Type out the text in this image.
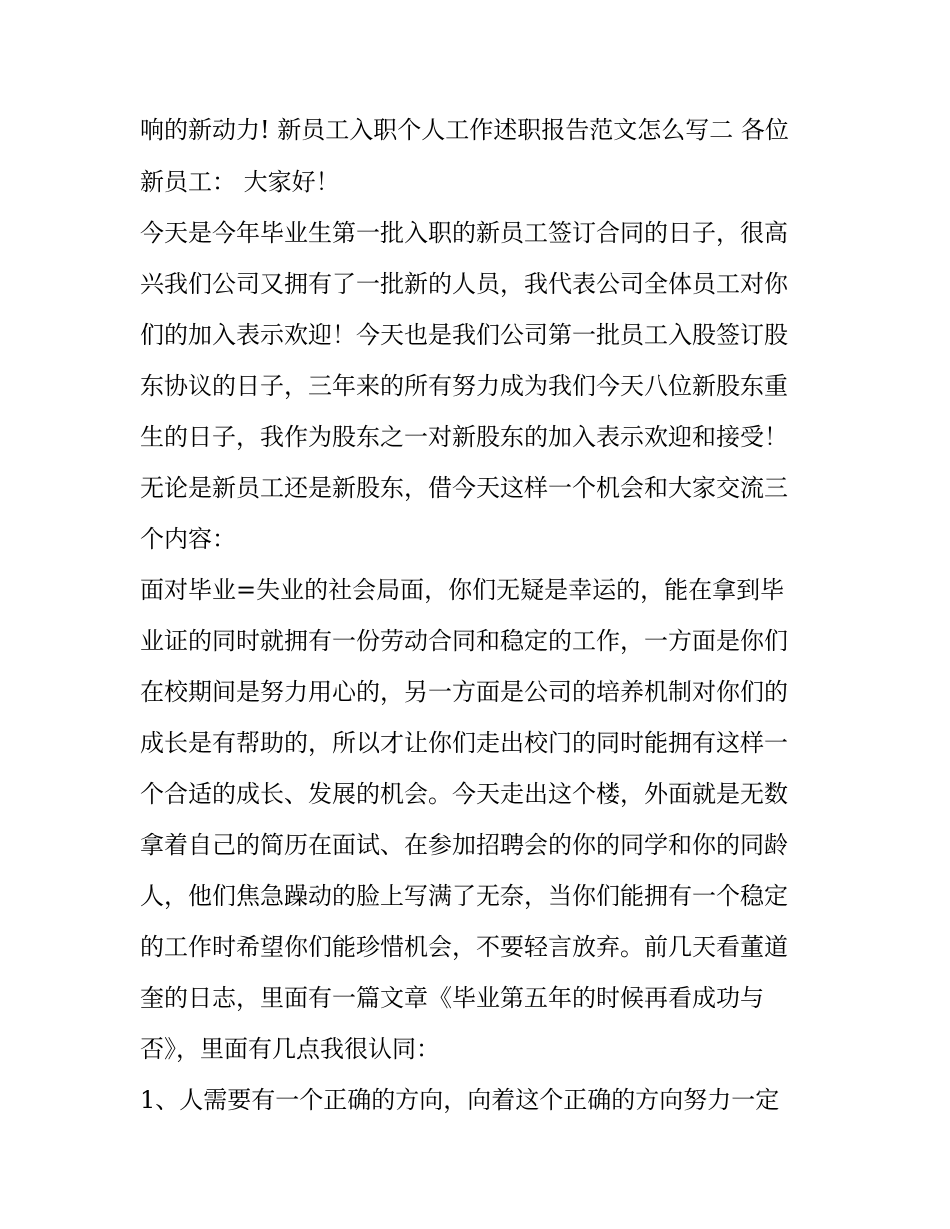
响的新动力! 新员工入职个人工作述职报告范文怎么写二 各位

新员工： 大家好！

今天是今年毕业生第一批入职的新员工签订合同的日子，很高

兴我们公司又拥有了一批新的人员，我代表公司全体员工对你

们的加入表示欢迎！今天也是我们公司第一批员工入股签订股

东协议的日子，三年来的所有努力成为我们今天八位新股东重

生的日子，我作为股东之一对新股东的加入表示欢迎和接受！

无论是新员工还是新股东，借今天这样一个机会和大家交流三

个内容：

面对毕业=失业的社会局面，你们无疑是幸运的，能在拿到毕

业证的同时就拥有一份劳动合同和稳定的工作，一方面是你们

在校期间是努力用心的，另一方面是公司的培养机制对你们的

成长是有帮助的，所以才让你们走出校门的同时能拥有这样一

个合适的成长、发展的机会。今天走出这个楼，外面就是无数

拿着自己的简历在面试、在参加招聘会的你的同学和你的同龄

人，他们焦急躁动的脸上写满了无奈，当你们能拥有一个稳定

的工作时希望你们能珍惜机会，不要轻言放弃。前几天看董道

奎的日志，里面有一篇文章《毕业第五年的时候再看成功与

否》，里面有几点我很认同：

1、人需要有一个正确的方向，向着这个正确的方向努力一定
